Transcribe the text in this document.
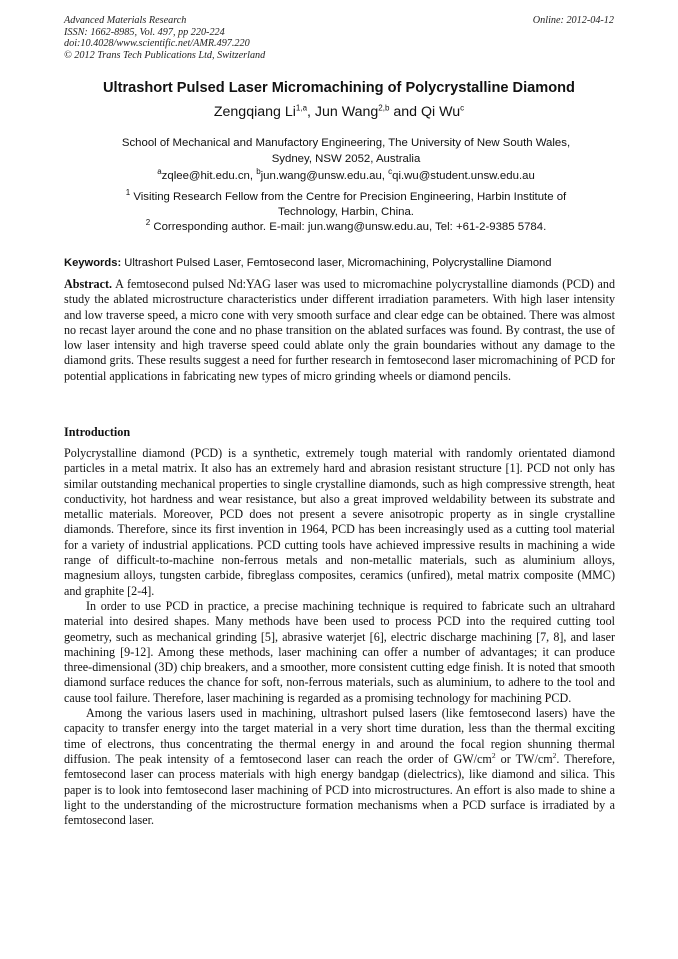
Advanced Materials Research
ISSN: 1662-8985, Vol. 497, pp 220-224
doi:10.4028/www.scientific.net/AMR.497.220
© 2012 Trans Tech Publications Ltd, Switzerland
Online: 2012-04-12
Ultrashort Pulsed Laser Micromachining of Polycrystalline Diamond
Zengqiang Li$^{1,a}$, Jun Wang$^{2,b}$ and Qi Wu$^c$
School of Mechanical and Manufactory Engineering, The University of New South Wales,
Sydney, NSW 2052, Australia
$^a$zqlee@hit.edu.cn, $^b$jun.wang@unsw.edu.au, $^c$qi.wu@student.unsw.edu.au
$^1$ Visiting Research Fellow from the Centre for Precision Engineering, Harbin Institute of
Technology, Harbin, China.
$^2$ Corresponding author. E-mail: jun.wang@unsw.edu.au, Tel: +61-2-9385 5784.
Keywords: Ultrashort Pulsed Laser, Femtosecond laser, Micromachining, Polycrystalline Diamond

Abstract. A femtosecond pulsed Nd:YAG laser was used to micromachine polycrystalline diamonds (PCD) and study the ablated microstructure characteristics under different irradiation parameters. With high laser intensity and low traverse speed, a micro cone with very smooth surface and clear edge can be obtained. There was almost no recast layer around the cone and no phase transition on the ablated surfaces was found. By contrast, the use of low laser intensity and high traverse speed could ablate only the grain boundaries without any damage to the diamond grits. These results suggest a need for further research in femtosecond laser micromachining of PCD for potential applications in fabricating new types of micro grinding wheels or diamond pencils.

Introduction

Polycrystalline diamond (PCD) is a synthetic, extremely tough material with randomly orientated diamond particles in a metal matrix. It also has an extremely hard and abrasion resistant structure [1]. PCD not only has similar outstanding mechanical properties to single crystalline diamonds, such as high compressive strength, heat conductivity, hot hardness and wear resistance, but also a great improved weldability between its substrate and metallic materials. Moreover, PCD does not present a severe anisotropic property as in single crystalline diamonds. Therefore, since its first invention in 1964, PCD has been increasingly used as a cutting tool material for a variety of industrial applications. PCD cutting tools have achieved impressive results in machining a wide range of difficult-to-machine non-ferrous metals and non-metallic materials, such as aluminium alloys, magnesium alloys, tungsten carbide, fibreglass composites, ceramics (unfired), metal matrix composite (MMC) and graphite [2-4].

In order to use PCD in practice, a precise machining technique is required to fabricate such an ultrahard material into desired shapes. Many methods have been used to process PCD into the required cutting tool geometry, such as mechanical grinding [5], abrasive waterjet [6], electric discharge machining [7, 8], and laser machining [9-12]. Among these methods, laser machining can offer a number of advantages; it can produce three-dimensional (3D) chip breakers, and a smoother, more consistent cutting edge finish. It is noted that smooth diamond surface reduces the chance for soft, non-ferrous materials, such as aluminium, to adhere to the tool and cause tool failure. Therefore, laser machining is regarded as a promising technology for machining PCD.

Among the various lasers used in machining, ultrashort pulsed lasers (like femtosecond lasers) have the capacity to transfer energy into the target material in a very short time duration, less than the thermal exciting time of electrons, thus concentrating the thermal energy in and around the focal region shunning thermal diffusion. The peak intensity of a femtosecond laser can reach the order of $GW/cm^2$ or $TW/cm^2$. Therefore, femtosecond laser can process materials with high energy bandgap (dielectrics), like diamond and silica. This paper is to look into femtosecond laser machining of PCD into microstructures. An effort is also made to shine a light to the understanding of the microstructure formation mechanisms when a PCD surface is irradiated by a femtosecond laser.
